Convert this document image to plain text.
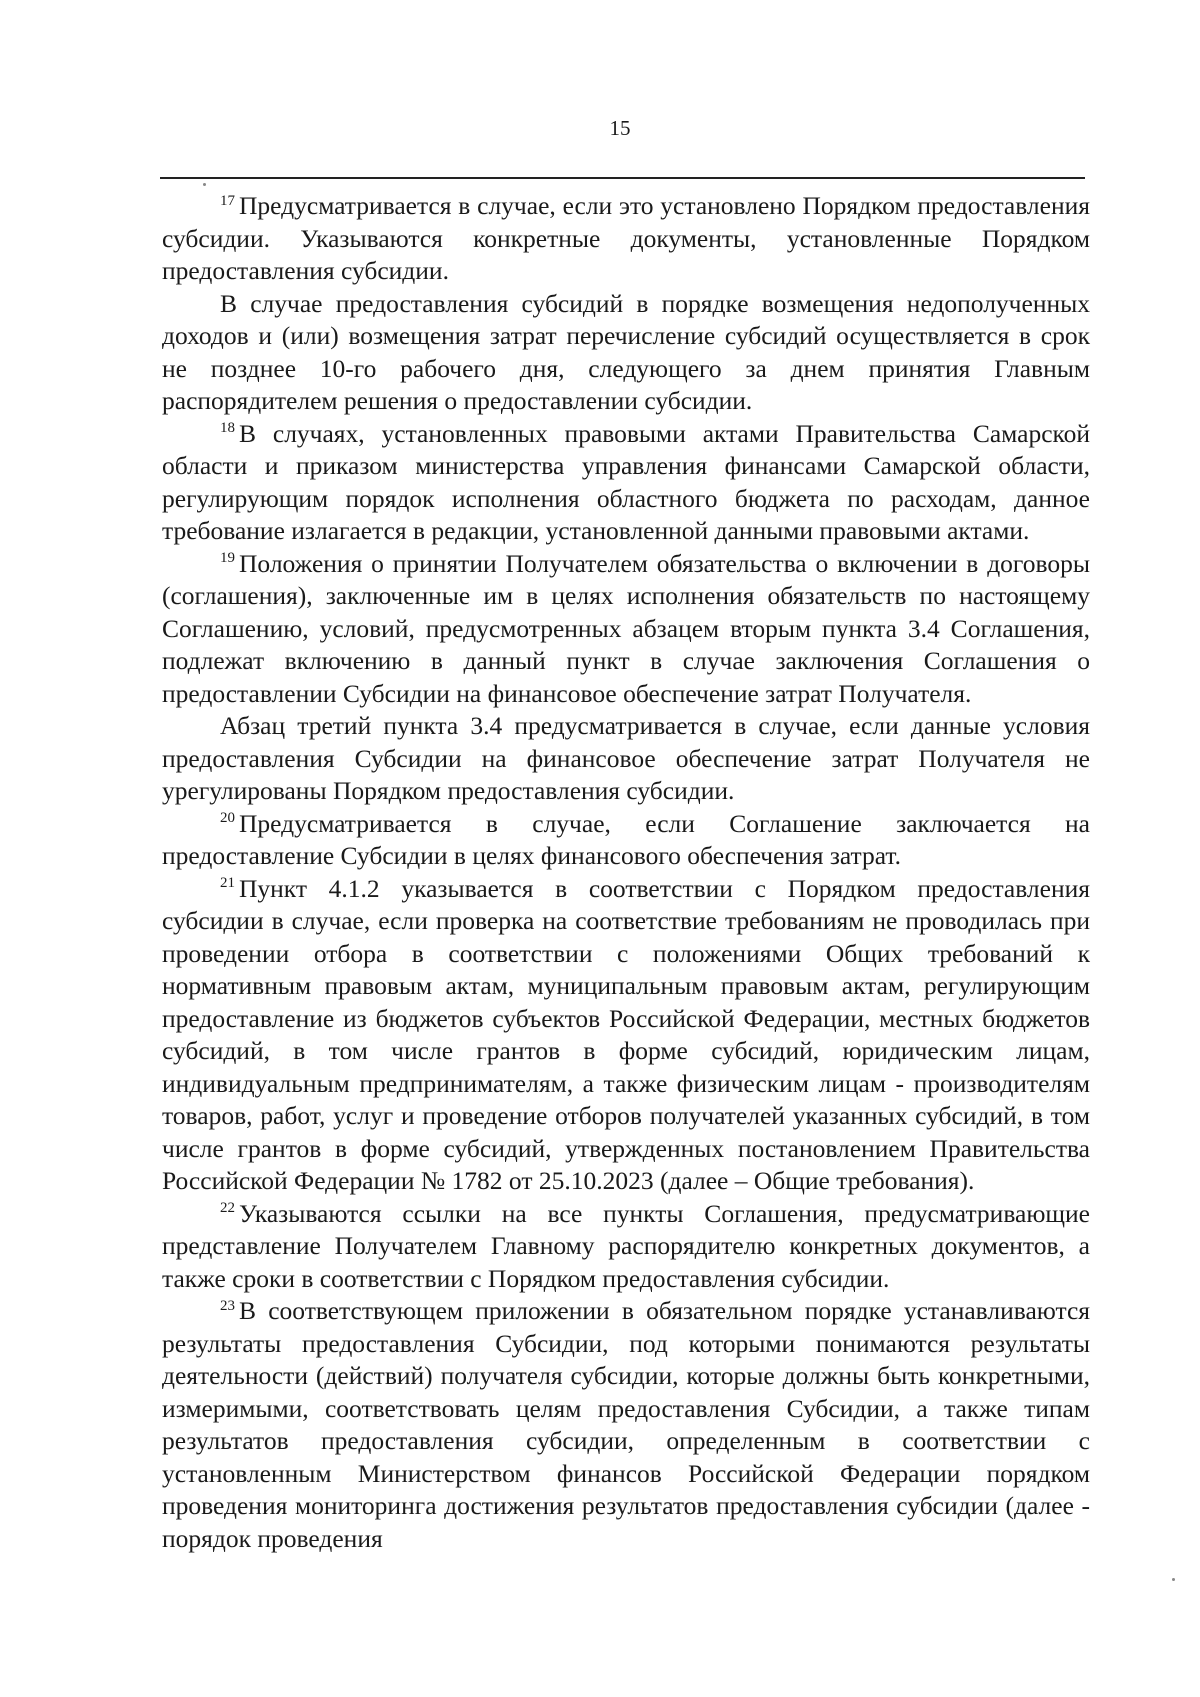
15

$^{17}$ Предусматривается в случае, если это установлено Порядком предоставления субсидии. Указываются конкретные документы, установленные Порядком предоставления субсидии.

В случае предоставления субсидий в порядке возмещения недополученных доходов и (или) возмещения затрат перечисление субсидий осуществляется в срок не позднее 10-го рабочего дня, следующего за днем принятия Главным распорядителем решения о предоставлении субсидии.

$^{18}$ В случаях, установленных правовыми актами Правительства Самарской области и приказом министерства управления финансами Самарской области, регулирующим порядок исполнения областного бюджета по расходам, данное требование излагается в редакции, установленной данными правовыми актами.

$^{19}$ Положения о принятии Получателем обязательства о включении в договоры (соглашения), заключенные им в целях исполнения обязательств по настоящему Соглашению, условий, предусмотренных абзацем вторым пункта 3.4 Соглашения, подлежат включению в данный пункт в случае заключения Соглашения о предоставлении Субсидии на финансовое обеспечение затрат Получателя.

Абзац третий пункта 3.4 предусматривается в случае, если данные условия предоставления Субсидии на финансовое обеспечение затрат Получателя не урегулированы Порядком предоставления субсидии.

$^{20}$ Предусматривается в случае, если Соглашение заключается на предоставление Субсидии в целях финансового обеспечения затрат.

$^{21}$ Пункт 4.1.2 указывается в соответствии с Порядком предоставления субсидии в случае, если проверка на соответствие требованиям не проводилась при проведении отбора в соответствии с положениями Общих требований к нормативным правовым актам, муниципальным правовым актам, регулирующим предоставление из бюджетов субъектов Российской Федерации, местных бюджетов субсидий, в том числе грантов в форме субсидий, юридическим лицам, индивидуальным предпринимателям, а также физическим лицам - производителям товаров, работ, услуг и проведение отборов получателей указанных субсидий, в том числе грантов в форме субсидий, утвержденных постановлением Правительства Российской Федерации № 1782 от 25.10.2023 (далее – Общие требования).

$^{22}$ Указываются ссылки на все пункты Соглашения, предусматривающие представление Получателем Главному распорядителю конкретных документов, а также сроки в соответствии с Порядком предоставления субсидии.

$^{23}$ В соответствующем приложении в обязательном порядке устанавливаются результаты предоставления Субсидии, под которыми понимаются результаты деятельности (действий) получателя субсидии, которые должны быть конкретными, измеримыми, соответствовать целям предоставления Субсидии, а также типам результатов предоставления субсидии, определенным в соответствии с установленным Министерством финансов Российской Федерации порядком проведения мониторинга достижения результатов предоставления субсидии (далее - порядок проведения
